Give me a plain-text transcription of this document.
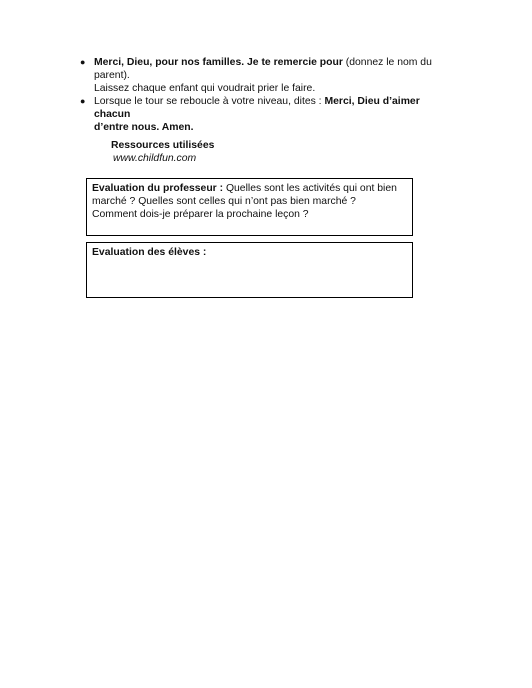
● Merci, Dieu, pour nos familles. Je te remercie pour (donnez le nom du parent).
Laissez chaque enfant qui voudrait prier le faire.
● Lorsque le tour se reboucle à votre niveau, dites : Merci, Dieu d’aimer chacun
d’entre nous. Amen.
Ressources utilisées
www.childfun.com
Evaluation du professeur : Quelles sont les activités qui ont bien
marché ? Quelles sont celles qui n’ont pas bien marché ?
Comment dois-je préparer la prochaine leçon ?
Evaluation des élèves :
